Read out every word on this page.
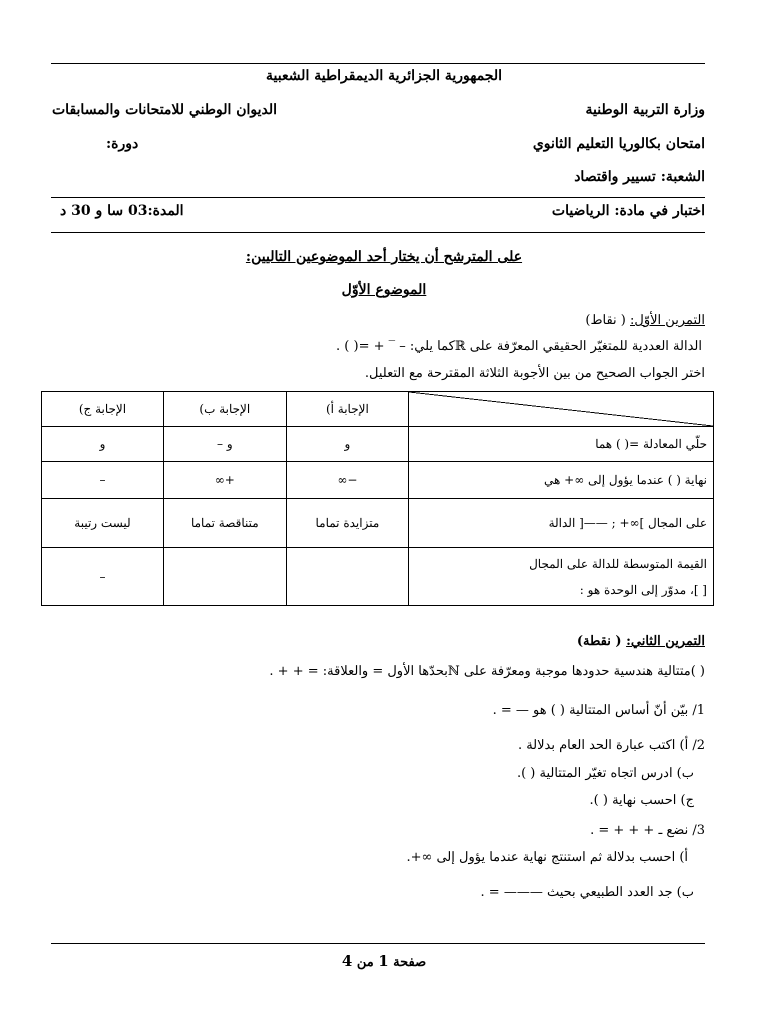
الجمهورية الجزائرية الديمقراطية الشعبية
وزارة التربية الوطنية
الديوان الوطني للامتحانات والمسابقات
امتحان بكالوريا التعليم الثانوي
دورة:
الشعبة: تسيير واقتصاد
اختبار في مادة: الرياضيات
المدة:03 سا و 30 د
على المترشح أن يختار أحد الموضوعين التاليين:
الموضوع الأوّل
التمرين الأوّل: ( نقاط)
الدالة العددية للمتغيّر الحقيقي المعرّفة على ℝكما يلي: – ‾ + =( ) .
اختر الجواب الصحيح من بين الأجوبة الثلاثة المقترحة مع التعليل.
	الإجابة أ)	الإجابة ب)	الإجابة ج)
حلّي المعادلة =( ) هما	و	و –	و
نهاية ( ) عندما يؤول إلى ∞+ هي	−∞	+∞	–
على المجال ]∞+ ; ——[ الدالة	متزايدة تماما	متناقصة تماما	ليست رتيبة

القيمة المتوسطة للدالة على المجال
[ ]، مدوّر إلى الوحدة هو :			–
التمرين الثاني: ( نقطة)
( )متتالية هندسية حدودها موجبة ومعرّفة على ℕبحدّها الأول = والعلاقة: = + + .
1/ بيّن أنّ أساس المتتالية ( ) هو — = .
2/ أ) اكتب عبارة الحد العام بدلالة .
ب) ادرس اتجاه تغيّر المتتالية ( ).
ج) احسب نهاية ( ).
3/ نضع ـ + + + = .
أ) احسب بدلالة ثم استنتج نهاية عندما يؤول إلى ∞+.
ب) جد العدد الطبيعي بحيث ——— = .
صفحة 1 من 4
